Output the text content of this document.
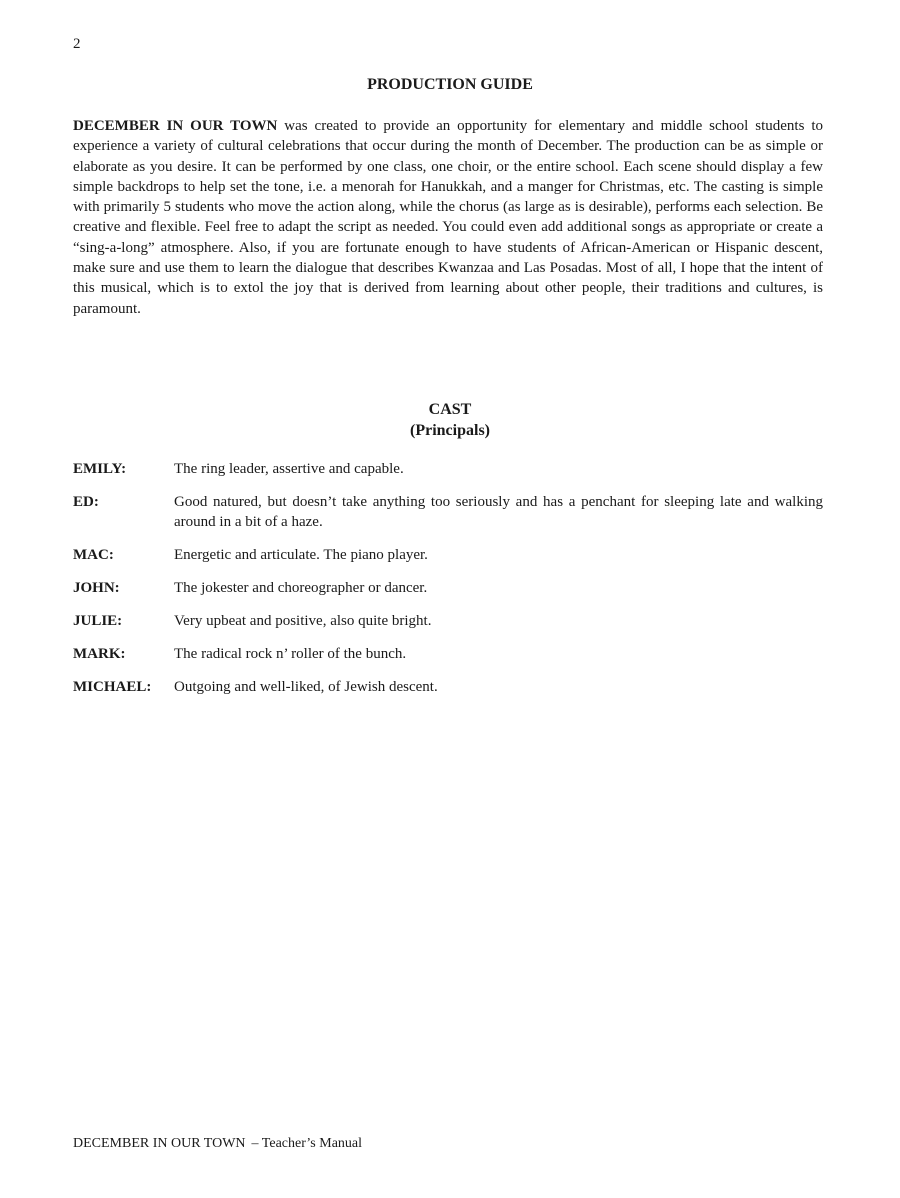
2
PRODUCTION GUIDE

DECEMBER IN OUR TOWN was created to provide an opportunity for elementary and middle school students to experience a variety of cultural celebrations that occur during the month of December. The production can be as simple or elaborate as you desire. It can be performed by one class, one choir, or the entire school. Each scene should display a few simple backdrops to help set the tone, i.e. a menorah for Hanukkah, and a manger for Christmas, etc. The casting is simple with primarily 5 students who move the action along, while the chorus (as large as is desirable), performs each selection. Be creative and flexible. Feel free to adapt the script as needed. You could even add additional songs as appropriate or create a “sing-a-long” atmosphere. Also, if you are fortunate enough to have students of African-American or Hispanic descent, make sure and use them to learn the dialogue that describes Kwanzaa and Las Posadas. Most of all, I hope that the intent of this musical, which is to extol the joy that is derived from learning about other people, their traditions and cultures, is paramount.

CAST
(Principals)
EMILY:	The ring leader, assertive and capable.
ED:	Good natured, but doesn’t take anything too seriously and has a penchant for sleeping late and walking around in a bit of a haze.
MAC:	Energetic and articulate. The piano player.
JOHN:	The jokester and choreographer or dancer.
JULIE:	Very upbeat and positive, also quite bright.
MARK:	The radical rock n’ roller of the bunch.
MICHAEL:	Outgoing and well-liked, of Jewish descent.
DECEMBER IN OUR TOWN – Teacher’s Manual
